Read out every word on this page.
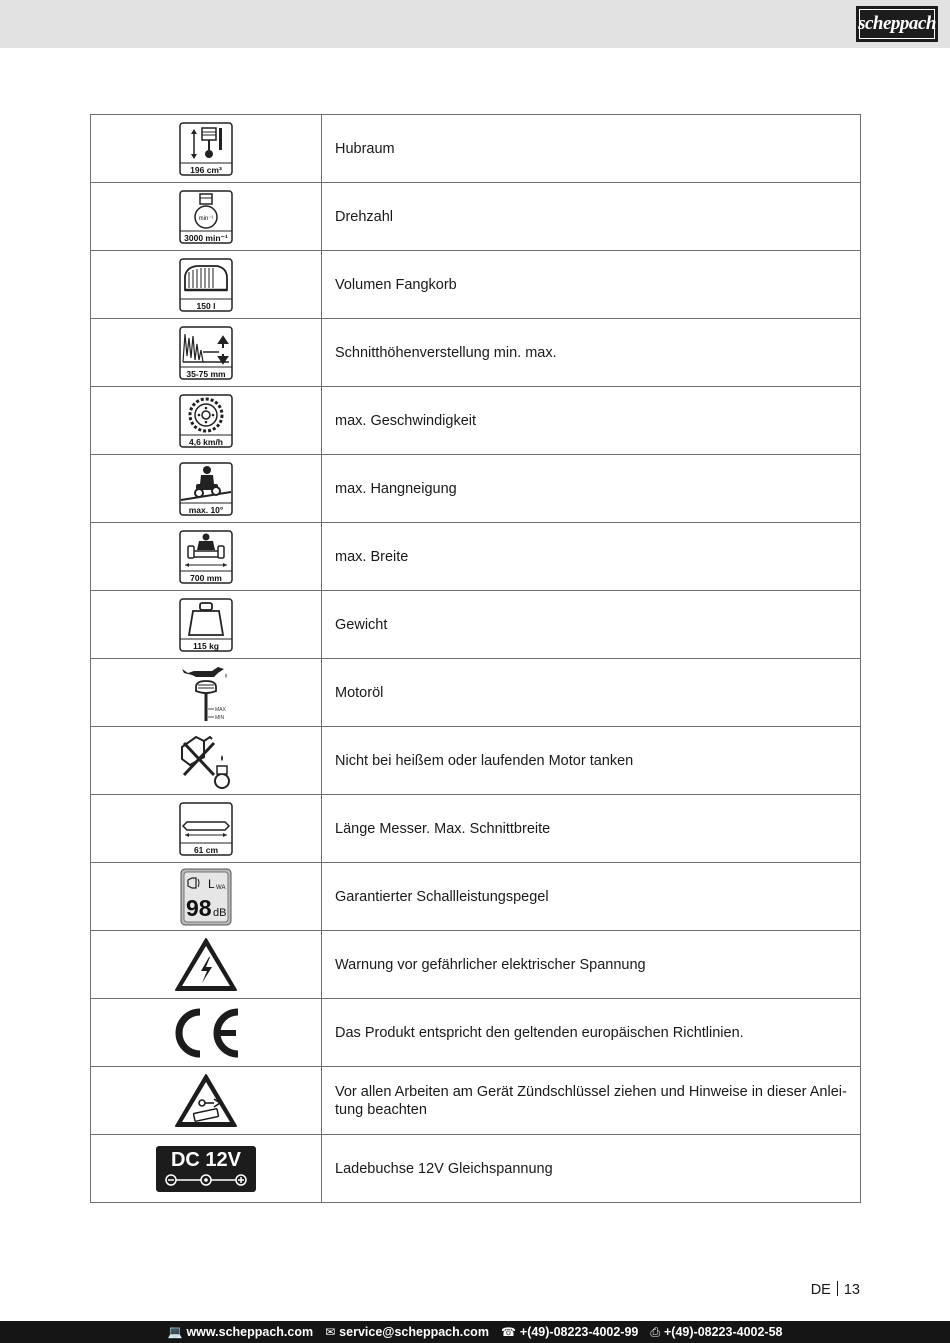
scheppach
196 cm³	Hubraum

min⁻¹
3000 min⁻¹	Drehzahl

150 l	Volumen Fangkorb

35-75 mm	Schnitthöhenverstellung min. max.

4,6 km/h	max. Geschwindigkeit

max. 10°	max. Hangneigung

700 mm	max. Breite

115 kg	Gewicht

MAX
MIN	Motoröl

	Nicht bei heißem oder laufenden Motor tanken

61 cm	Länge Messer. Max. Schnittbreite

L WA
98 dB	Garantierter Schallleistungspegel

	Warnung vor gefährlicher elektrischer Spannung

	Das Produkt entspricht den geltenden europäischen Richtlinien.

	Vor allen Arbeiten am Gerät Zündschlüssel ziehen und Hinweise in dieser Anlei-
tung beachten

DC 12V	Ladebuchse 12V Gleichspannung
DE 13
💻 www.scheppach.com ✉ service@scheppach.com ☎ +(49)-08223-4002-99 ⎙ +(49)-08223-4002-58
